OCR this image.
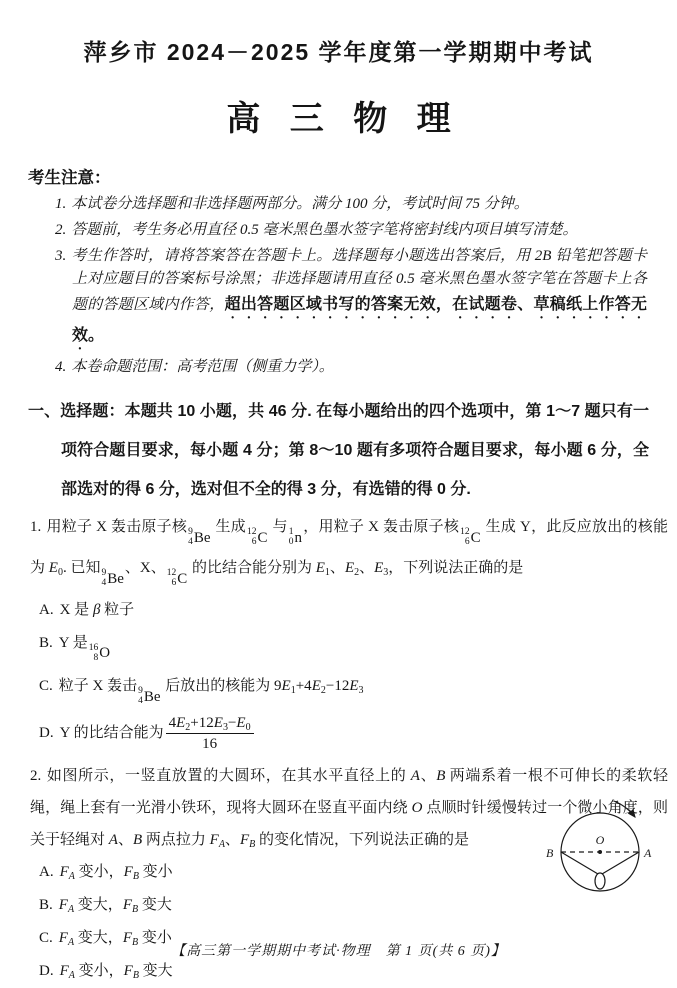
萍乡市 2024－2025 学年度第一学期期中考试
高 三 物 理
考生注意：
1. 本试卷分选择题和非选择题两部分。满分 100 分，考试时间 75 分钟。
2. 答题前，考生务必用直径 0.5 毫米黑色墨水签字笔将密封线内项目填写清楚。
3. 考生作答时，请将答案答在答题卡上。选择题每小题选出答案后，用 2B 铅笔把答题卡上对应题目的答案标号涂黑；非选择题请用直径 0.5 毫米黑色墨水签字笔在答题卡上各题的答题区域内作答，超出答题区域书写的答案无效，在试题卷、草稿纸上作答无效。
4. 本卷命题范围：高考范围（侧重力学）。

一、选择题：本题共 10 小题，共 46 分. 在每小题给出的四个选项中，第 1～7 题只有一项符合题目要求，每小题 4 分；第 8～10 题有多项符合题目要求，每小题 6 分，全部选对的得 6 分，选对但不全的得 3 分，有选错的得 0 分.

1. 用粒子 X 轰击原子核 9
4 Be
生成 12
6 C
与 1
0 n
，用粒子 X 轰击原子核 12
6 C
生成 Y，此反应放出的核能为 $E_0$. 已知 9
4 Be
、X、 12
6 C
的比结合能分别为 $E_1$、$E_2$、$E_3$，下列说法正确的是

A. X 是 β 粒子
B. Y 是 16
8 O
C. 粒子 X 轰击 9
4 Be
后放出的核能为 $9E_1+4E_2-12E_3$
D. Y 的比结合能为 $\frac{4E_2+12E_3-E_0}{16}$

2. 如图所示，一竖直放置的大圆环，在其水平直径上的 A、B 两端系着一根不可伸长的柔软轻绳，绳上套有一光滑小铁环，现将大圆环在竖直平面内绕 O 点顺时针缓慢转过一个微小角度，则关于轻绳对 A、B 两点拉力 $F_A$、$F_B$ 的变化情况，下列说法正确的是

A. $F_A$ 变小，$F_B$ 变小
B. $F_A$ 变大，$F_B$ 变大
C. $F_A$ 变大，$F_B$ 变小
D. $F_A$ 变小，$F_B$ 变大
O
B	A
【高三第一学期期中考试·物理　第 1 页(共 6 页)】
